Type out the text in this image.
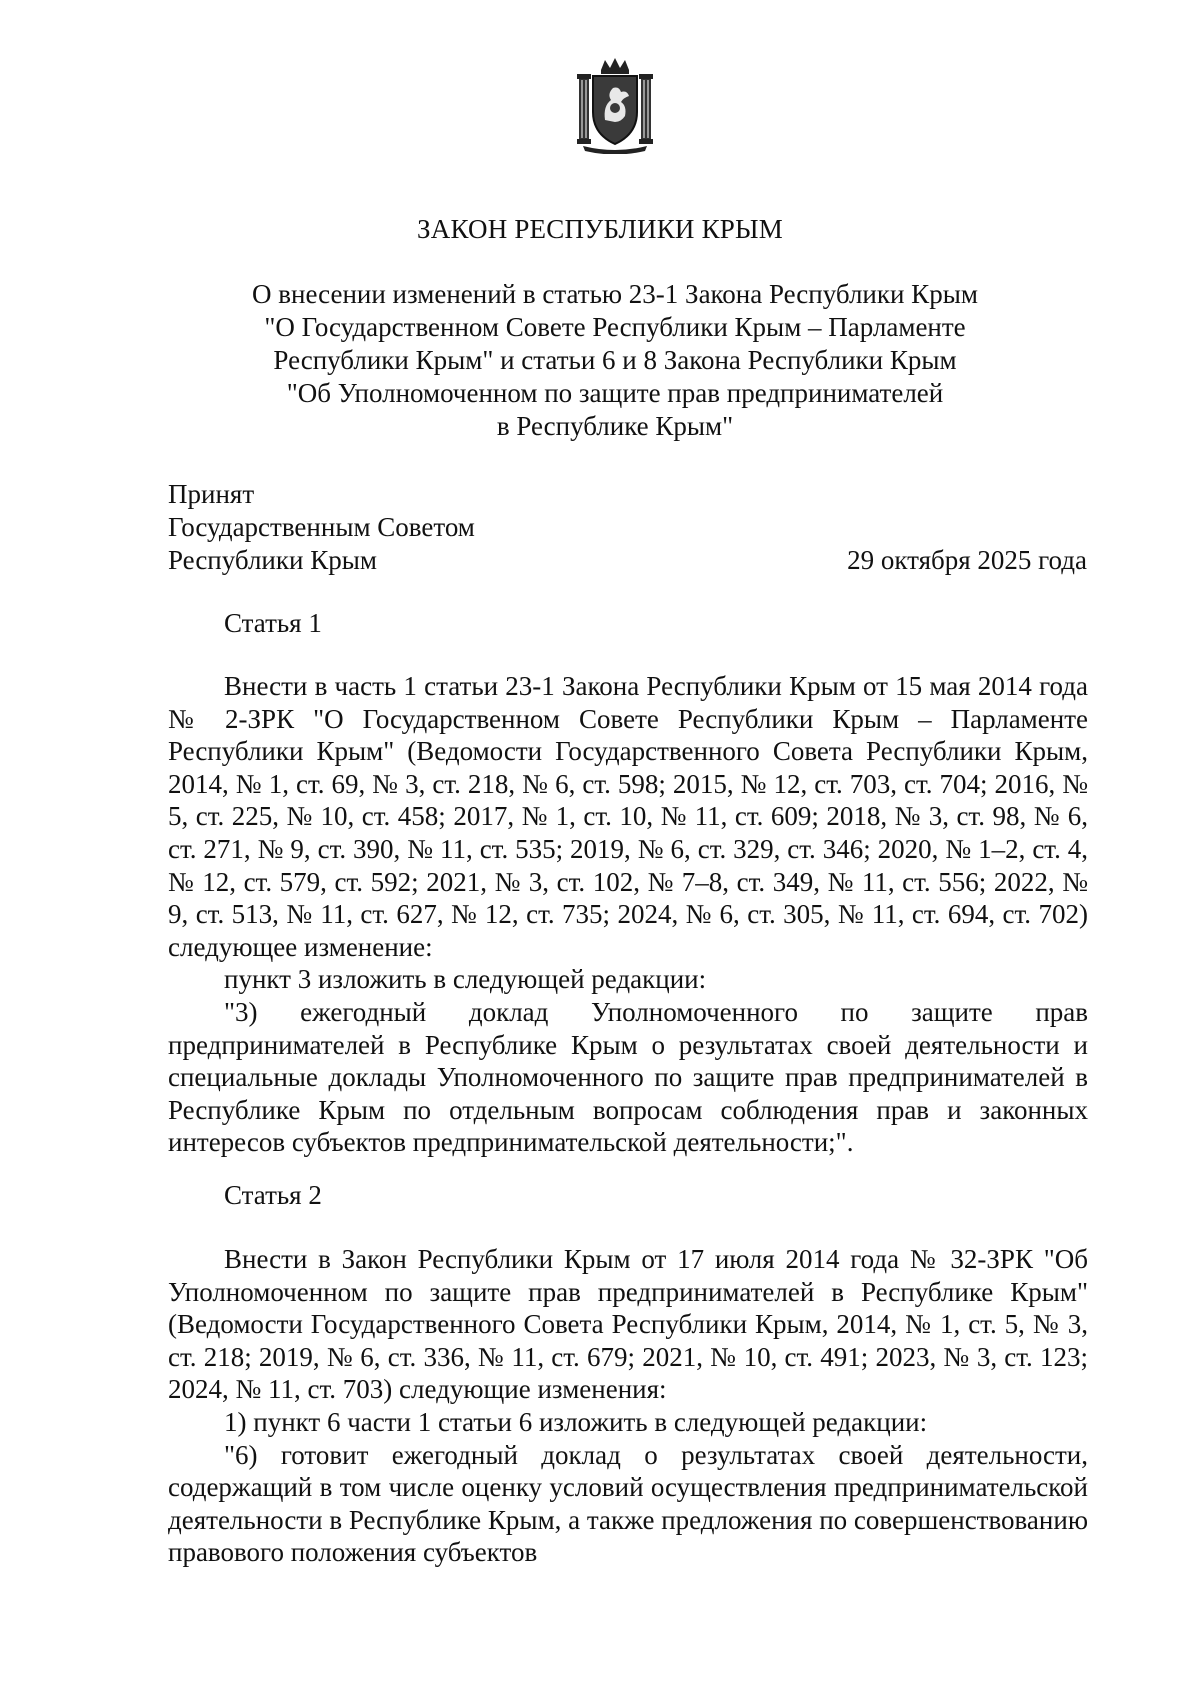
ЗАКОН РЕСПУБЛИКИ КРЫМ
О внесении изменений в статью 23-1 Закона Республики Крым
"О Государственном Совете Республики Крым – Парламенте
Республики Крым" и статьи 6 и 8 Закона Республики Крым
"Об Уполномоченном по защите прав предпринимателей
в Республике Крым"
Принят
Государственным Советом
Республики Крым	29 октября 2025 года
Статья 1

Внести в часть 1 статьи 23-1 Закона Республики Крым от 15 мая 2014 года № 2-ЗРК "О Государственном Совете Республики Крым – Парламенте Республики Крым" (Ведомости Государственного Совета Республики Крым, 2014, № 1, ст. 69, № 3, ст. 218, № 6, ст. 598; 2015, № 12, ст. 703, ст. 704; 2016, № 5, ст. 225, № 10, ст. 458; 2017, № 1, ст. 10, № 11, ст. 609; 2018, № 3, ст. 98, № 6, ст. 271, № 9, ст. 390, № 11, ст. 535; 2019, № 6, ст. 329, ст. 346; 2020, № 1–2, ст. 4, № 12, ст. 579, ст. 592; 2021, № 3, ст. 102, № 7–8, ст. 349, № 11, ст. 556; 2022, № 9, ст. 513, № 11, ст. 627, № 12, ст. 735; 2024, № 6, ст. 305, № 11, ст. 694, ст. 702) следующее изменение:

пункт 3 изложить в следующей редакции:

"3) ежегодный доклад Уполномоченного по защите прав предпринимателей в Республике Крым о результатах своей деятельности и специальные доклады Уполномоченного по защите прав предпринимателей в Республике Крым по отдельным вопросам соблюдения прав и законных интересов субъектов предпринимательской деятельности;".

Статья 2

Внести в Закон Республики Крым от 17 июля 2014 года № 32-ЗРК "Об Уполномоченном по защите прав предпринимателей в Республике Крым" (Ведомости Государственного Совета Республики Крым, 2014, № 1, ст. 5, № 3, ст. 218; 2019, № 6, ст. 336, № 11, ст. 679; 2021, № 10, ст. 491; 2023, № 3, ст. 123; 2024, № 11, ст. 703) следующие изменения:

1) пункт 6 части 1 статьи 6 изложить в следующей редакции:

"6) готовит ежегодный доклад о результатах своей деятельности, содержащий в том числе оценку условий осуществления предпринимательской деятельности в Республике Крым, а также предложения по совершенствованию правового положения субъектов
